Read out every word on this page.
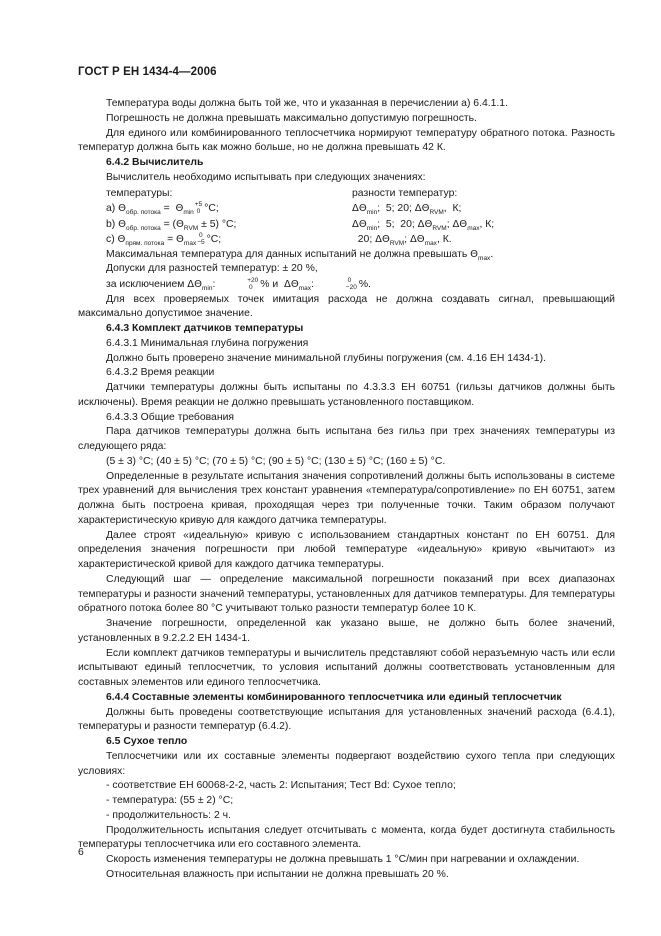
ГОСТ Р ЕН 1434-4—2006

Температура воды должна быть той же, что и указанная в перечислении а) 6.4.1.1.

Погрешность не должна превышать максимально допустимую погрешность.

Для единого или комбинированного теплосчетчика нормируют температуру обратного потока. Разность температур должна быть как можно больше, но не должна превышать 42 К.

6.4.2 Вычислитель

Вычислитель необходимо испытывать при следующих значениях:

температуры:	разности температур:
a) $\Theta_{обр. потока} = \Theta_{min}$
+5
0 °C;	$\Delta\Theta_{min}$;  5; 20; $\Delta\Theta_{RVM}$,  К;
b) $\Theta_{обр. потока} = (\Theta_{RVM} \pm 5)$ °C;	$\Delta\Theta_{min}$;  5;  20; $\Delta\Theta_{RVM}$; $\Delta\Theta_{max}$, К;
c) $\Theta_{прям. потока} = \Theta_{max}$
0
−5 °C;	20; $\Delta\Theta_{RVM}$; $\Delta\Theta_{max}$, К.

Максимальная температура для данных испытаний не должна превышать $\Theta_{max}$.

Допуски для разностей температур: ± 20 %,

за исключением $\Delta\Theta_{min}$:	+20
0 % и  $\Delta\Theta_{max}$:	0
−20 %.

Для всех проверяемых точек имитация расхода не должна создавать сигнал, превышающий максимально допустимое значение.

6.4.3 Комплект датчиков температуры

6.4.3.1 Минимальная глубина погружения

Должно быть проверено значение минимальной глубины погружения (см. 4.16 ЕН 1434-1).

6.4.3.2 Время реакции

Датчики температуры должны быть испытаны по 4.3.3.3 ЕН 60751 (гильзы датчиков должны быть исключены). Время реакции не должно превышать установленного поставщиком.

6.4.3.3 Общие требования

Пара датчиков температуры должна быть испытана без гильз при трех значениях температуры из следующего ряда:

(5 ± 3) °C; (40 ± 5) °C; (70 ± 5) °C; (90 ± 5) °C; (130 ± 5) °C; (160 ± 5) °C.

Определенные в результате испытания значения сопротивлений должны быть использованы в системе трех уравнений для вычисления трех констант уравнения «температура/сопротивление» по ЕН 60751, затем должна быть построена кривая, проходящая через три полученные точки. Таким образом получают характеристическую кривую для каждого датчика температуры.

Далее строят «идеальную» кривую с использованием стандартных констант по ЕН 60751. Для определения значения погрешности при любой температуре «идеальную» кривую «вычитают» из характеристической кривой для каждого датчика температуры.

Следующий шаг — определение максимальной погрешности показаний при всех диапазонах температуры и разности значений температуры, установленных для датчиков температуры. Для температуры обратного потока более 80 °C учитывают только разности температур более 10 К.

Значение погрешности, определенной как указано выше, не должно быть более значений, установленных в 9.2.2.2 ЕН 1434-1.

Если комплект датчиков температуры и вычислитель представляют собой неразъемную часть или если испытывают единый теплосчетчик, то условия испытаний должны соответствовать установленным для составных элементов или единого теплосчетчика.

6.4.4 Составные элементы комбинированного теплосчетчика или единый теплосчетчик

Должны быть проведены соответствующие испытания для установленных значений расхода (6.4.1), температуры и разности температур (6.4.2).

6.5 Сухое тепло

Теплосчетчики или их составные элементы подвергают воздействию сухого тепла при следующих условиях:

- соответствие ЕН 60068-2-2, часть 2: Испытания; Тест Bd: Сухое тепло;

- температура: (55 ± 2) °C;

- продолжительность: 2 ч.

Продолжительность испытания следует отсчитывать с момента, когда будет достигнута стабильность температуры теплосчетчика или его составного элемента.

Скорость изменения температуры не должна превышать 1 °C/мин при нагревании и охлаждении.

Относительная влажность при испытании не должна превышать 20 %.

6
